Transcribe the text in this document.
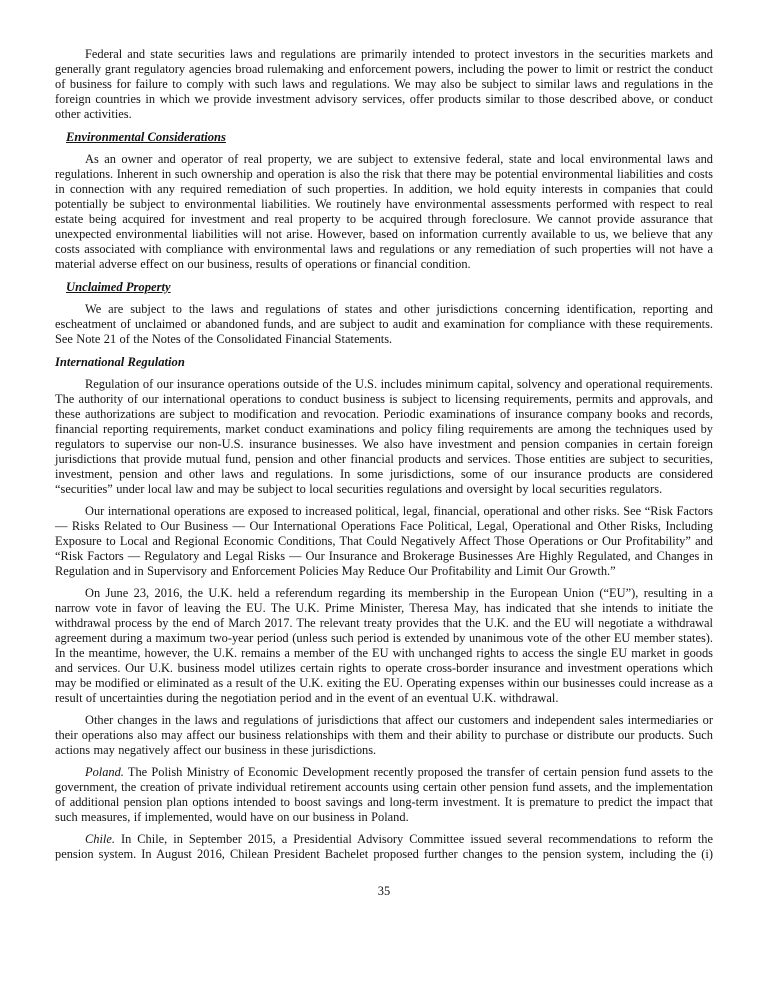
Federal and state securities laws and regulations are primarily intended to protect investors in the securities markets and generally grant regulatory agencies broad rulemaking and enforcement powers, including the power to limit or restrict the conduct of business for failure to comply with such laws and regulations. We may also be subject to similar laws and regulations in the foreign countries in which we provide investment advisory services, offer products similar to those described above, or conduct other activities.

Environmental Considerations

As an owner and operator of real property, we are subject to extensive federal, state and local environmental laws and regulations. Inherent in such ownership and operation is also the risk that there may be potential environmental liabilities and costs in connection with any required remediation of such properties. In addition, we hold equity interests in companies that could potentially be subject to environmental liabilities. We routinely have environmental assessments performed with respect to real estate being acquired for investment and real property to be acquired through foreclosure. We cannot provide assurance that unexpected environmental liabilities will not arise. However, based on information currently available to us, we believe that any costs associated with compliance with environmental laws and regulations or any remediation of such properties will not have a material adverse effect on our business, results of operations or financial condition.

Unclaimed Property

We are subject to the laws and regulations of states and other jurisdictions concerning identification, reporting and escheatment of unclaimed or abandoned funds, and are subject to audit and examination for compliance with these requirements. See Note 21 of the Notes of the Consolidated Financial Statements.

International Regulation

Regulation of our insurance operations outside of the U.S. includes minimum capital, solvency and operational requirements. The authority of our international operations to conduct business is subject to licensing requirements, permits and approvals, and these authorizations are subject to modification and revocation. Periodic examinations of insurance company books and records, financial reporting requirements, market conduct examinations and policy filing requirements are among the techniques used by regulators to supervise our non-U.S. insurance businesses. We also have investment and pension companies in certain foreign jurisdictions that provide mutual fund, pension and other financial products and services. Those entities are subject to securities, investment, pension and other laws and regulations. In some jurisdictions, some of our insurance products are considered “securities” under local law and may be subject to local securities regulations and oversight by local securities regulators.

Our international operations are exposed to increased political, legal, financial, operational and other risks. See “Risk Factors — Risks Related to Our Business — Our International Operations Face Political, Legal, Operational and Other Risks, Including Exposure to Local and Regional Economic Conditions, That Could Negatively Affect Those Operations or Our Profitability” and “Risk Factors — Regulatory and Legal Risks — Our Insurance and Brokerage Businesses Are Highly Regulated, and Changes in Regulation and in Supervisory and Enforcement Policies May Reduce Our Profitability and Limit Our Growth.”

On June 23, 2016, the U.K. held a referendum regarding its membership in the European Union (“EU”), resulting in a narrow vote in favor of leaving the EU. The U.K. Prime Minister, Theresa May, has indicated that she intends to initiate the withdrawal process by the end of March 2017. The relevant treaty provides that the U.K. and the EU will negotiate a withdrawal agreement during a maximum two-year period (unless such period is extended by unanimous vote of the other EU member states). In the meantime, however, the U.K. remains a member of the EU with unchanged rights to access the single EU market in goods and services. Our U.K. business model utilizes certain rights to operate cross-border insurance and investment operations which may be modified or eliminated as a result of the U.K. exiting the EU. Operating expenses within our businesses could increase as a result of uncertainties during the negotiation period and in the event of an eventual U.K. withdrawal.

Other changes in the laws and regulations of jurisdictions that affect our customers and independent sales intermediaries or their operations also may affect our business relationships with them and their ability to purchase or distribute our products. Such actions may negatively affect our business in these jurisdictions.

Poland. The Polish Ministry of Economic Development recently proposed the transfer of certain pension fund assets to the government, the creation of private individual retirement accounts using certain other pension fund assets, and the implementation of additional pension plan options intended to boost savings and long-term investment. It is premature to predict the impact that such measures, if implemented, would have on our business in Poland.

Chile. In Chile, in September 2015, a Presidential Advisory Committee issued several recommendations to reform the pension system. In August 2016, Chilean President Bachelet proposed further changes to the pension system, including the (i)

35
